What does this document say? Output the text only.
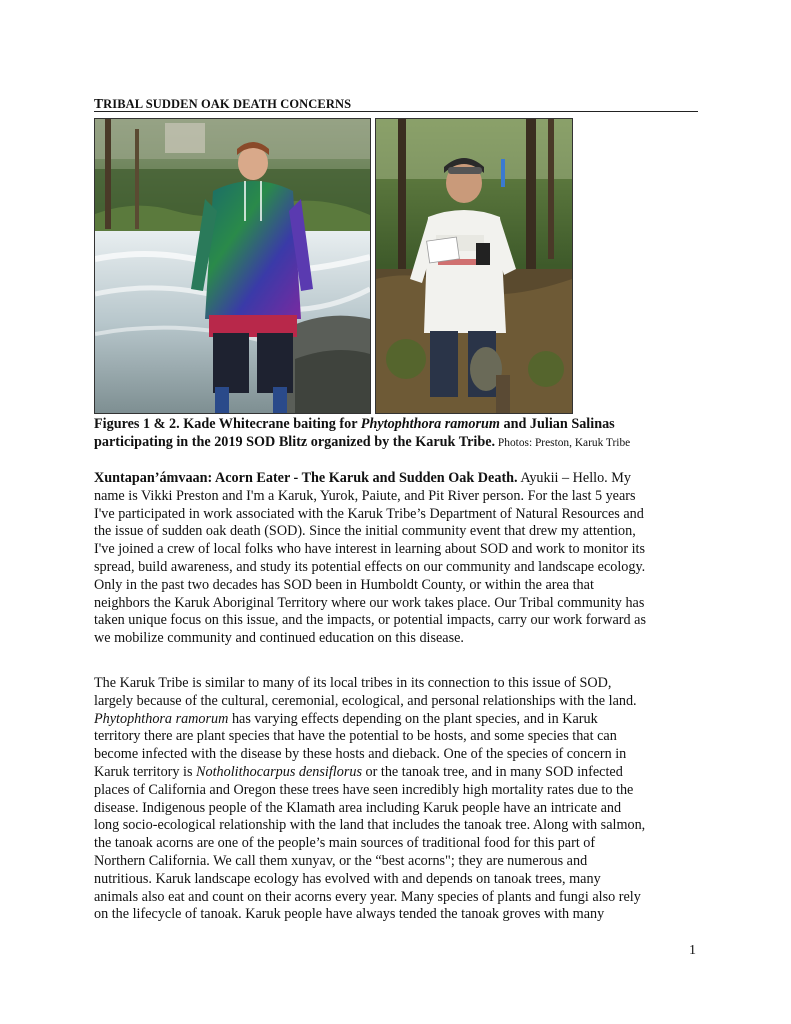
TRIBAL SUDDEN OAK DEATH CONCERNS
Figures 1 & 2. Kade Whitecrane baiting for Phytophthora ramorum and Julian Salinas
participating in the 2019 SOD Blitz organized by the Karuk Tribe. Photos: Preston, Karuk Tribe
Xuntapan’ámvaan: Acorn Eater - The Karuk and Sudden Oak Death. Ayukii – Hello. My
name is Vikki Preston and I'm a Karuk, Yurok, Paiute, and Pit River person. For the last 5 years
I've participated in work associated with the Karuk Tribe’s Department of Natural Resources and
the issue of sudden oak death (SOD). Since the initial community event that drew my attention,
I've joined a crew of local folks who have interest in learning about SOD and work to monitor its
spread, build awareness, and study its potential effects on our community and landscape ecology.
Only in the past two decades has SOD been in Humboldt County, or within the area that
neighbors the Karuk Aboriginal Territory where our work takes place. Our Tribal community has
taken unique focus on this issue, and the impacts, or potential impacts, carry our work forward as
we mobilize community and continued education on this disease.
The Karuk Tribe is similar to many of its local tribes in its connection to this issue of SOD,
largely because of the cultural, ceremonial, ecological, and personal relationships with the land.
Phytophthora ramorum has varying effects depending on the plant species, and in Karuk
territory there are plant species that have the potential to be hosts, and some species that can
become infected with the disease by these hosts and dieback. One of the species of concern in
Karuk territory is Notholithocarpus densiflorus or the tanoak tree, and in many SOD infected
places of California and Oregon these trees have seen incredibly high mortality rates due to the
disease. Indigenous people of the Klamath area including Karuk people have an intricate and
long socio-ecological relationship with the land that includes the tanoak tree. Along with salmon,
the tanoak acorns are one of the people’s main sources of traditional food for this part of
Northern California. We call them xunyav, or the “best acorns"; they are numerous and
nutritious. Karuk landscape ecology has evolved with and depends on tanoak trees, many
animals also eat and count on their acorns every year. Many species of plants and fungi also rely
on the lifecycle of tanoak. Karuk people have always tended the tanoak groves with many
1
